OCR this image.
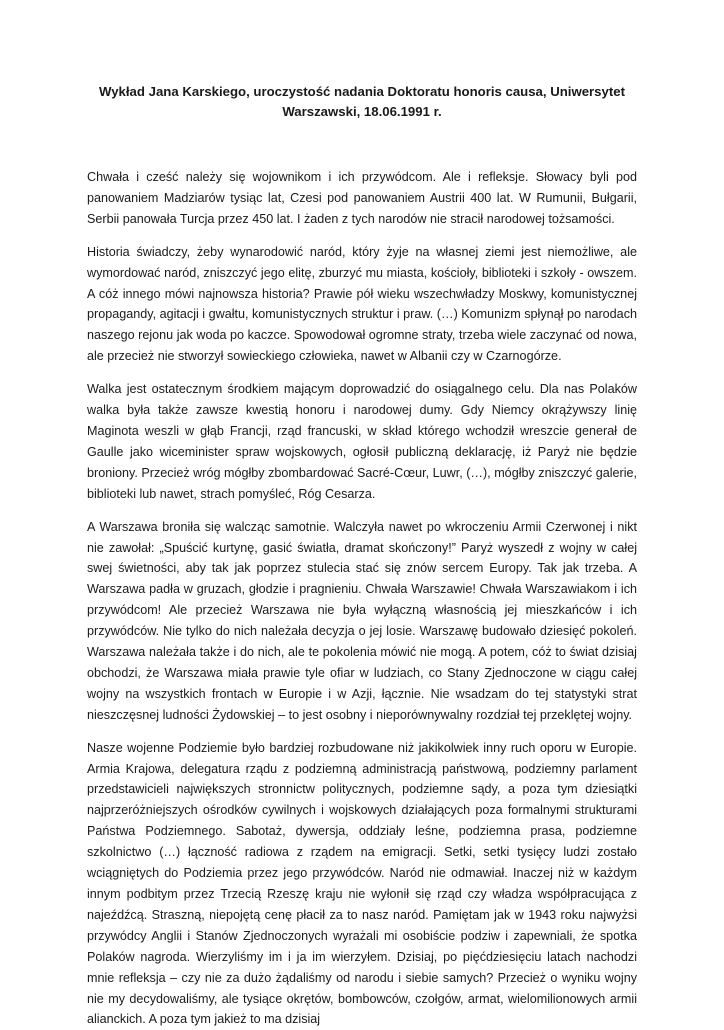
Wykład Jana Karskiego, uroczystość nadania Doktoratu honoris causa, Uniwersytet
Warszawski, 18.06.1991 r.

Chwała i cześć należy się wojownikom i ich przywódcom. Ale i refleksje. Słowacy byli pod panowaniem Madziarów tysiąc lat, Czesi pod panowaniem Austrii 400 lat. W Rumunii, Bułgarii, Serbii panowała Turcja przez 450 lat. I żaden z tych narodów nie stracił narodowej tożsamości.

Historia świadczy, żeby wynarodowić naród, który żyje na własnej ziemi jest niemożliwe, ale wymordować naród, zniszczyć jego elitę, zburzyć mu miasta, kościoły, biblioteki i szkoły - owszem. A cóż innego mówi najnowsza historia? Prawie pół wieku wszechwładzy Moskwy, komunistycznej propagandy, agitacji i gwałtu, komunistycznych struktur i praw. (…) Komunizm spłynął po narodach naszego rejonu jak woda po kaczce. Spowodował ogromne straty, trzeba wiele zaczynać od nowa, ale przecież nie stworzył sowieckiego człowieka, nawet w Albanii czy w Czarnogórze.

Walka jest ostatecznym środkiem mającym doprowadzić do osiągalnego celu. Dla nas Polaków walka była także zawsze kwestią honoru i narodowej dumy. Gdy Niemcy okrążywszy linię Maginota weszli w głąb Francji, rząd francuski, w skład którego wchodził wreszcie generał de Gaulle jako wiceminister spraw wojskowych, ogłosił publiczną deklarację, iż Paryż nie będzie broniony. Przecież wróg mógłby zbombardować Sacré-Cœur, Luwr, (…), mógłby zniszczyć galerie, biblioteki lub nawet, strach pomyśleć, Róg Cesarza.

A Warszawa broniła się walcząc samotnie. Walczyła nawet po wkroczeniu Armii Czerwonej i nikt nie zawołał: „Spuścić kurtynę, gasić światła, dramat skończony!” Paryż wyszedł z wojny w całej swej świetności, aby tak jak poprzez stulecia stać się znów sercem Europy. Tak jak trzeba. A Warszawa padła w gruzach, głodzie i pragnieniu. Chwała Warszawie! Chwała Warszawiakom i ich przywódcom! Ale przecież Warszawa nie była wyłączną własnością jej mieszkańców i ich przywódców. Nie tylko do nich należała decyzja o jej losie. Warszawę budowało dziesięć pokoleń. Warszawa należała także i do nich, ale te pokolenia mówić nie mogą. A potem, cóż to świat dzisiaj obchodzi, że Warszawa miała prawie tyle ofiar w ludziach, co Stany Zjednoczone w ciągu całej wojny na wszystkich frontach w Europie i w Azji, łącznie. Nie wsadzam do tej statystyki strat nieszczęsnej ludności Żydowskiej – to jest osobny i nieporównywalny rozdział tej przeklętej wojny.

Nasze wojenne Podziemie było bardziej rozbudowane niż jakikolwiek inny ruch oporu w Europie. Armia Krajowa, delegatura rządu z podziemną administracją państwową, podziemny parlament przedstawicieli największych stronnictw politycznych, podziemne sądy, a poza tym dziesiątki najprzeróżniejszych ośrodków cywilnych i wojskowych działających poza formalnymi strukturami Państwa Podziemnego. Sabotaż, dywersja, oddziały leśne, podziemna prasa, podziemne szkolnictwo (…) łączność radiowa z rządem na emigracji. Setki, setki tysięcy ludzi zostało wciągniętych do Podziemia przez jego przywódców. Naród nie odmawiał. Inaczej niż w każdym innym podbitym przez Trzecią Rzeszę kraju nie wyłonił się rząd czy władza współpracująca z najeźdźcą. Straszną, niepojętą cenę płacił za to nasz naród. Pamiętam jak w 1943 roku najwyżsi przywódcy Anglii i Stanów Zjednoczonych wyrażali mi osobiście podziw i zapewniali, że spotka Polaków nagroda. Wierzyliśmy im i ja im wierzyłem. Dzisiaj, po pięćdziesięciu latach nachodzi mnie refleksja – czy nie za dużo żądaliśmy od narodu i siebie samych? Przecież o wyniku wojny nie my decydowaliśmy, ale tysiące okrętów, bombowców, czołgów, armat, wielomilionowych armii alianckich. A poza tym jakież to ma dzisiaj
